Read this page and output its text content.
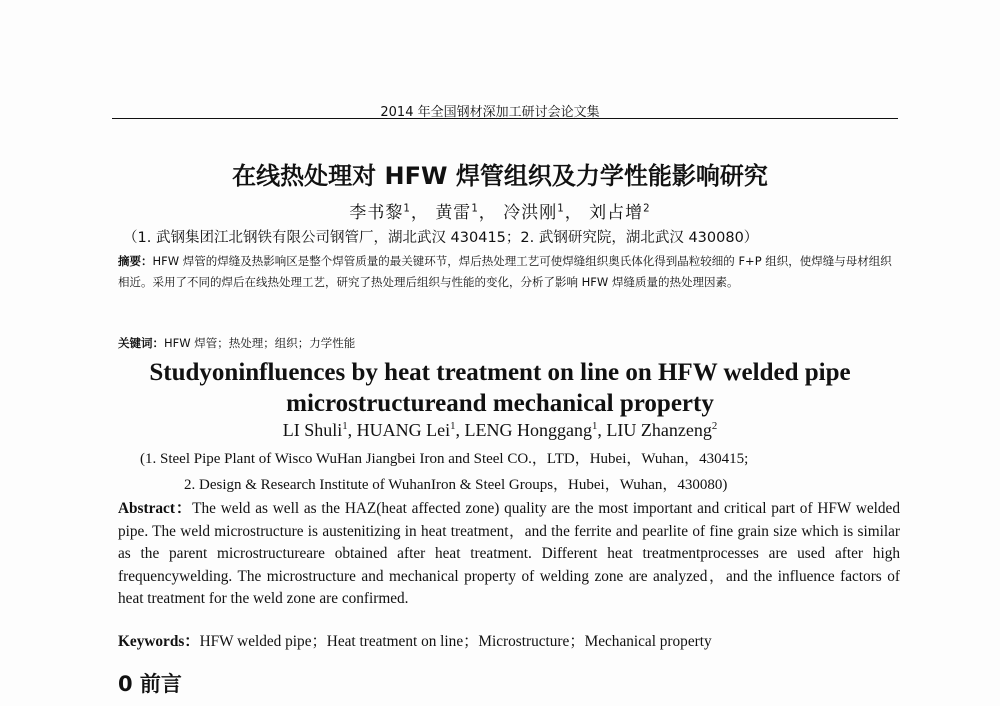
2014 年全国钢材深加工研讨会论文集
在线热处理对 HFW 焊管组织及力学性能影响研究
李书黎$^1$， 黄雷$^1$， 冷洪刚$^1$， 刘占增$^2$
（1. 武钢集团江北钢铁有限公司钢管厂，湖北武汉 430415；2. 武钢研究院，湖北武汉 430080）
摘要：HFW 焊管的焊缝及热影响区是整个焊管质量的最关键环节，焊后热处理工艺可使焊缝组织奥氏体化得到晶粒较细的 F+P 组织，使焊缝与母材组织相近。采用了不同的焊后在线热处理工艺，研究了热处理后组织与性能的变化，分析了影响 HFW 焊缝质量的热处理因素。
关键词：HFW 焊管；热处理；组织；力学性能
Studyoninfluences by heat treatment on line on HFW welded pipe
microstructureand mechanical property
LI Shuli$^1$, HUANG Lei$^1$, LENG Honggang$^1$, LIU Zhanzeng$^2$
(1. Steel Pipe Plant of Wisco WuHan Jiangbei Iron and Steel CO.，LTD，Hubei，Wuhan，430415;
2. Design & Research Institute of WuhanIron & Steel Groups，Hubei，Wuhan，430080)
Abstract：The weld as well as the HAZ(heat affected zone) quality are the most important and critical part of HFW welded pipe. The weld microstructure is austenitizing in heat treatment，and the ferrite and pearlite of fine grain size which is similar as the parent microstructureare obtained after heat treatment. Different heat treatmentprocesses are used after high frequencywelding. The microstructure and mechanical property of welding zone are analyzed，and the influence factors of heat treatment for the weld zone are confirmed.
Keywords：HFW welded pipe；Heat treatment on line；Microstructure；Mechanical property
0 前言
